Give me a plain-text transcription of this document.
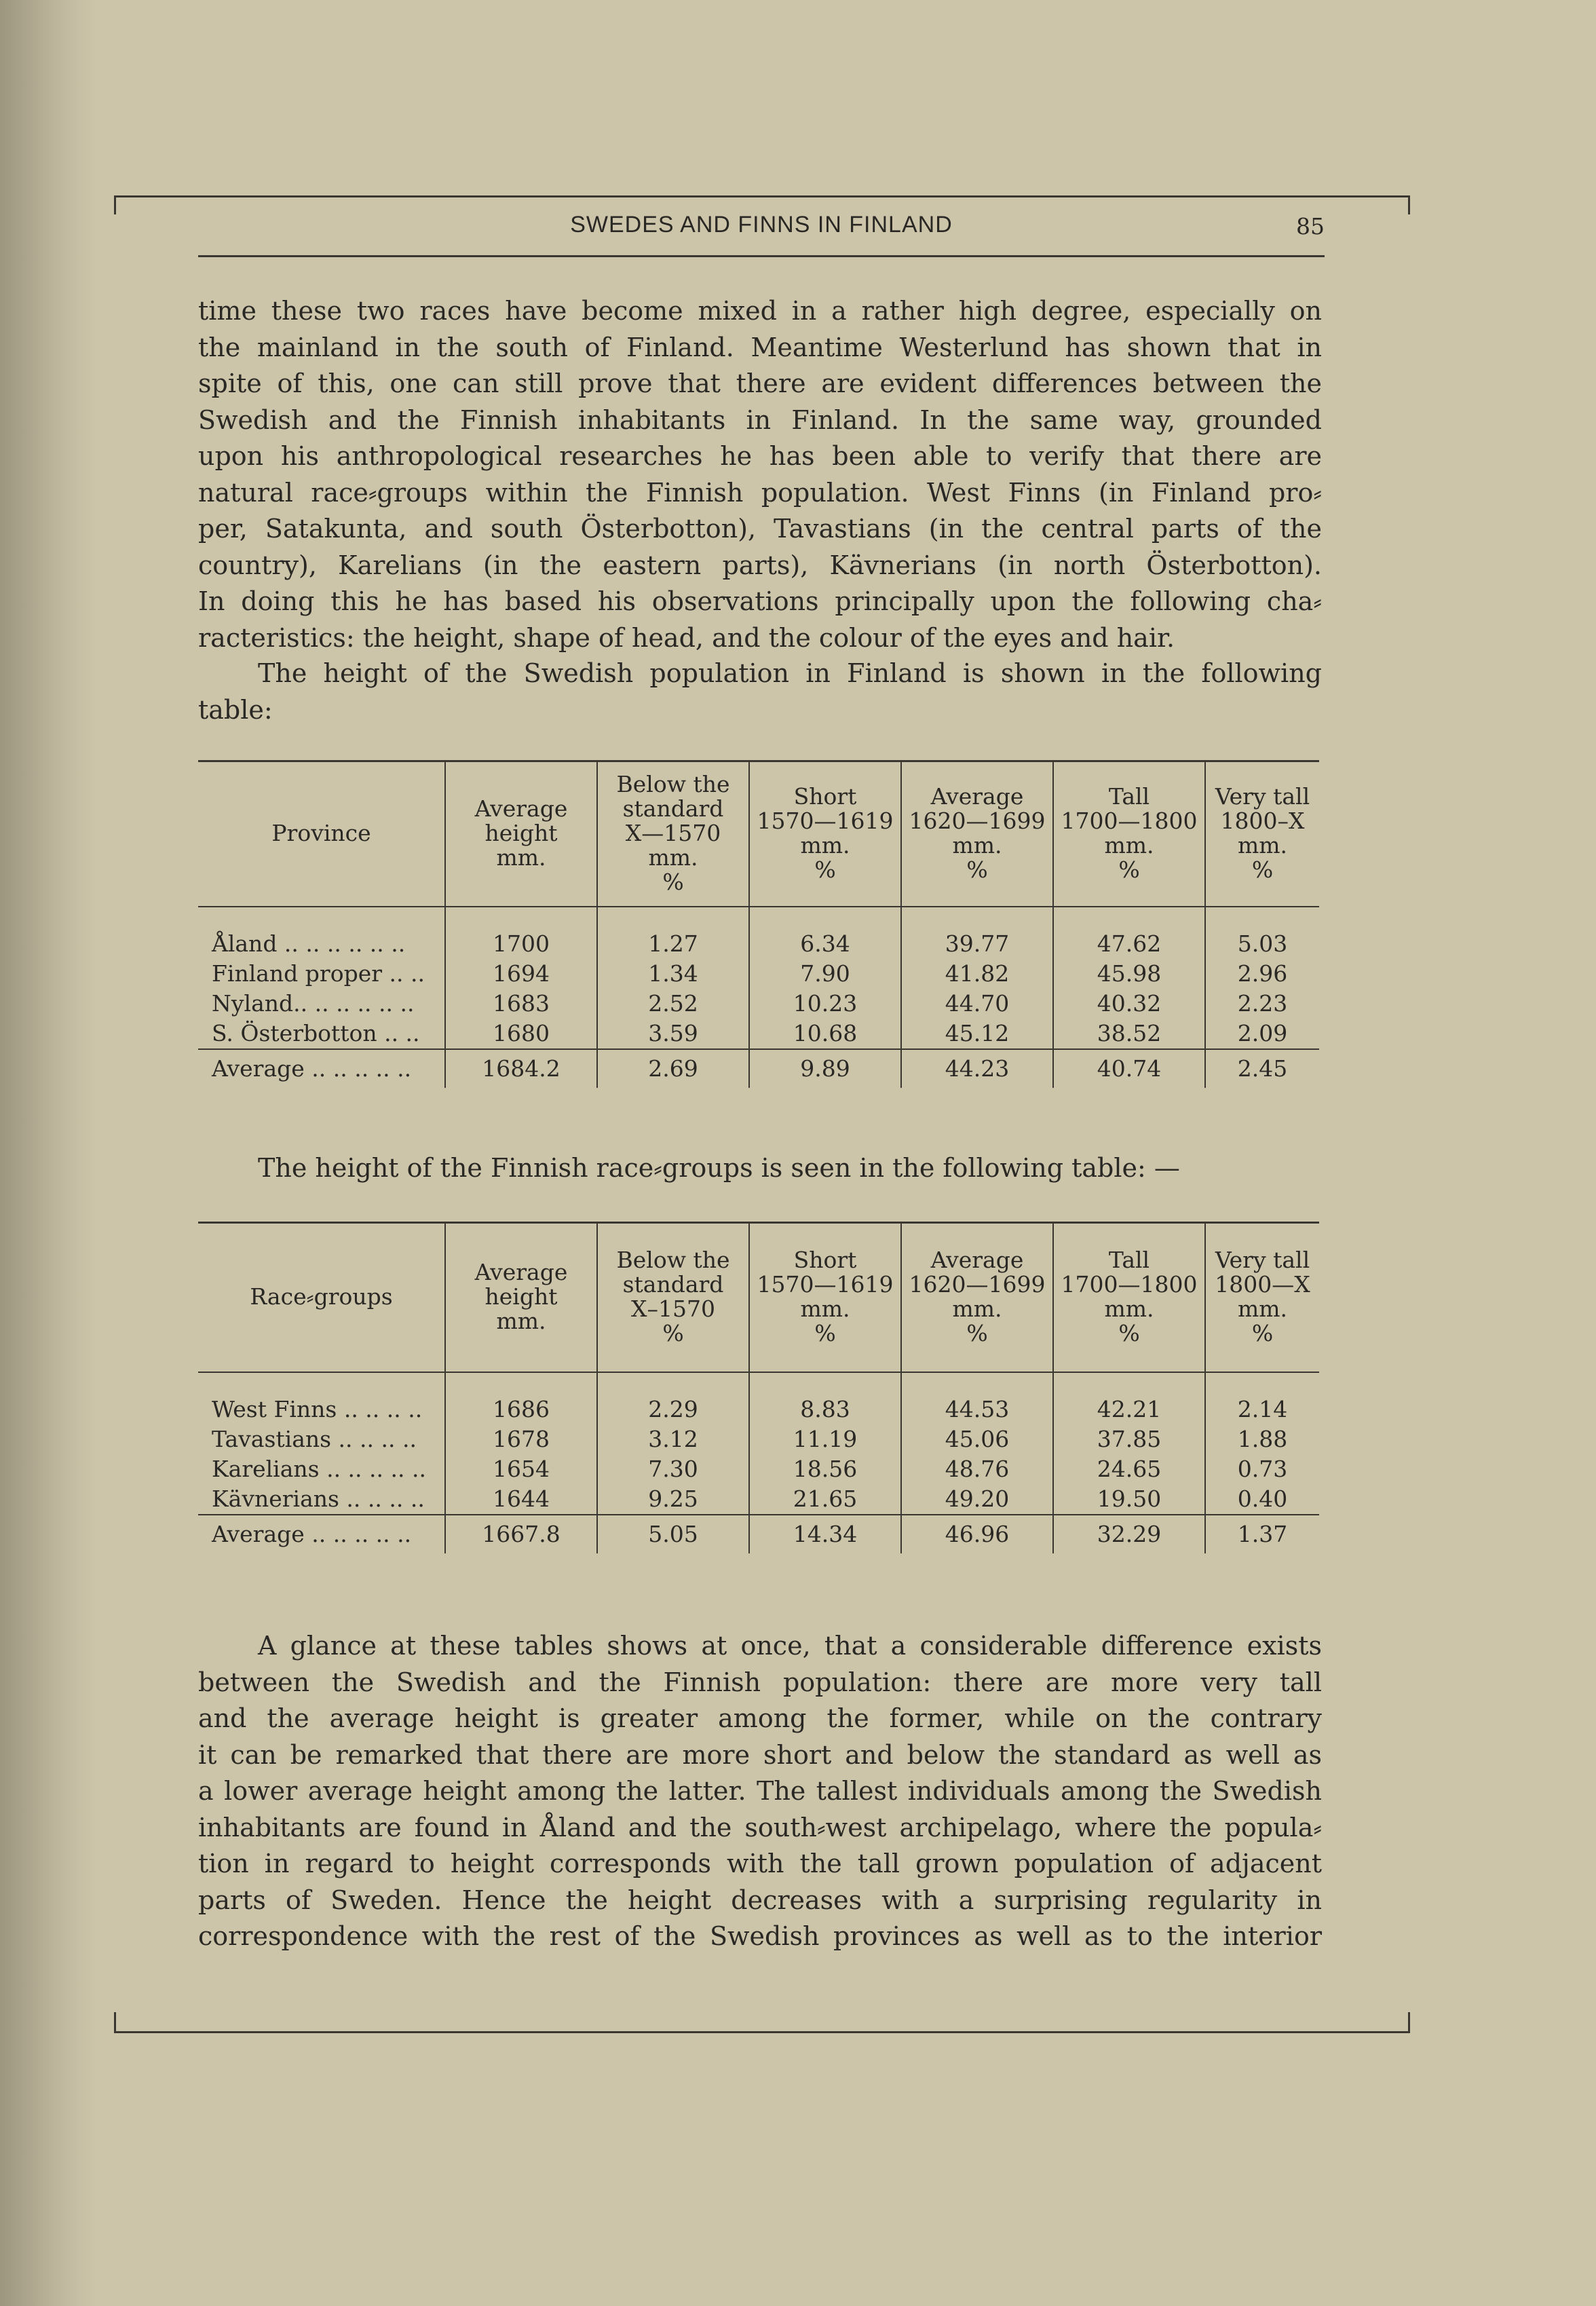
SWEDES AND FINNS IN FINLAND	85
time these two races have become mixed in a rather high degree, especially on
the mainland in the south of Finland. Meantime Westerlund has shown that in
spite of this, one can still prove that there are evident differences between the
Swedish and the Finnish inhabitants in Finland. In the same way, grounded
upon his anthropological researches he has been able to verify that there are
natural race⸗groups within the Finnish population. West Finns (in Finland pro⸗
per, Satakunta, and south Österbotton), Tavastians (in the central parts of the
country), Karelians (in the eastern parts), Kävnerians (in north Österbotton).
In doing this he has based his observations principally upon the following cha⸗
racteristics: the height, shape of head, and the colour of the eyes and hair.
The height of the Swedish population in Finland is shown in the following
table:
Province	Average
height
mm.	Below the
standard
X—1570
mm.
%	Short
1570—1619
mm.
%	Average
1620—1699
mm.
%	Tall
1700—1800
mm.
%	Very tall
1800–X
mm.
%

Åland .. .. .. .. .. ..	1700	1.27	6.34	39.77	47.62	5.03
Finland proper .. ..	1694	1.34	7.90	41.82	45.98	2.96
Nyland.. .. .. .. .. ..	1683	2.52	10.23	44.70	40.32	2.23
S. Österbotton .. ..	1680	3.59	10.68	45.12	38.52	2.09
Average .. .. .. .. ..	1684.2	2.69	9.89	44.23	40.74	2.45
The height of the Finnish race⸗groups is seen in the following table: —
Race⸗groups	Average
height
mm.	Below the
standard
X–1570
%	Short
1570—1619
mm.
%	Average
1620—1699
mm.
%	Tall
1700—1800
mm.
%	Very tall
1800—X
mm.
%

West Finns .. .. .. ..	1686	2.29	8.83	44.53	42.21	2.14
Tavastians .. .. .. ..	1678	3.12	11.19	45.06	37.85	1.88
Karelians .. .. .. .. ..	1654	7.30	18.56	48.76	24.65	0.73
Kävnerians .. .. .. ..	1644	9.25	21.65	49.20	19.50	0.40
Average .. .. .. .. ..	1667.8	5.05	14.34	46.96	32.29	1.37
A glance at these tables shows at once, that a considerable difference exists
between the Swedish and the Finnish population: there are more very tall
and the average height is greater among the former, while on the contrary
it can be remarked that there are more short and below the standard as well as
a lower average height among the latter. The tallest individuals among the Swedish
inhabitants are found in Åland and the south⸗west archipelago, where the popula⸗
tion in regard to height corresponds with the tall grown population of adjacent
parts of Sweden. Hence the height decreases with a surprising regularity in
correspondence with the rest of the Swedish provinces as well as to the interior
